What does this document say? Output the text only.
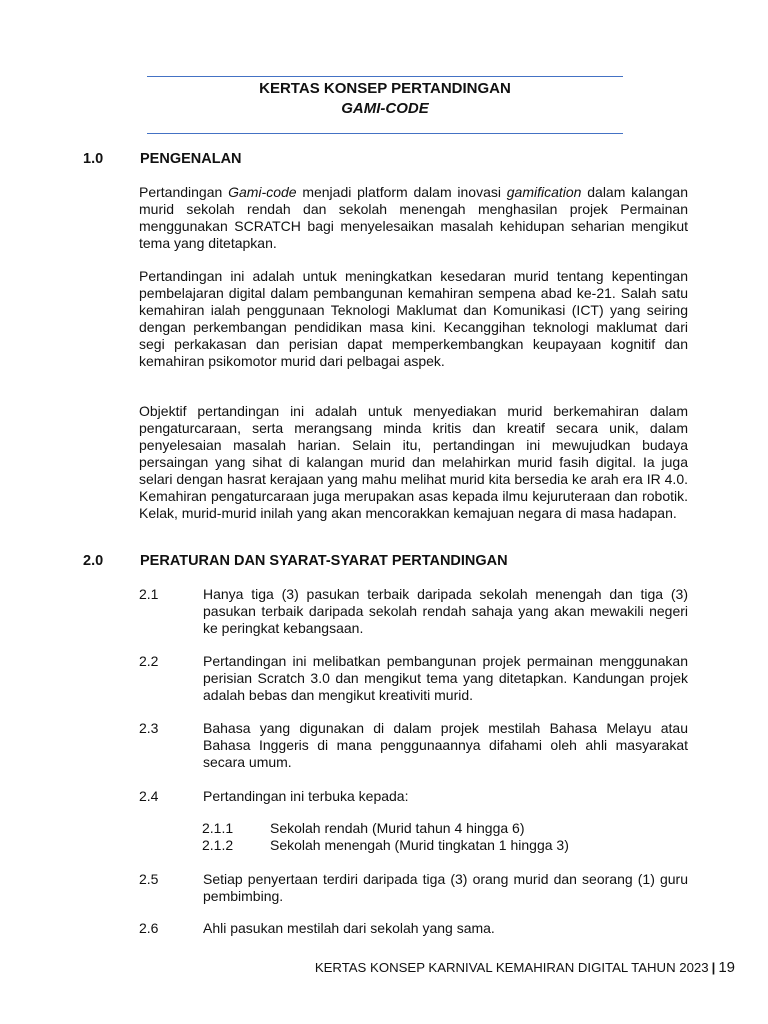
KERTAS KONSEP PERTANDINGAN
GAMI-CODE
1.0	PENGENALAN
Pertandingan Gami-code menjadi platform dalam inovasi gamification dalam kalangan murid sekolah rendah dan sekolah menengah menghasilan projek Permainan menggunakan SCRATCH bagi menyelesaikan masalah kehidupan seharian mengikut tema yang ditetapkan.
Pertandingan ini adalah untuk meningkatkan kesedaran murid tentang kepentingan pembelajaran digital dalam pembangunan kemahiran sempena abad ke-21. Salah satu kemahiran ialah penggunaan Teknologi Maklumat dan Komunikasi (ICT) yang seiring dengan perkembangan pendidikan masa kini. Kecanggihan teknologi maklumat dari segi perkakasan dan perisian dapat memperkembangkan keupayaan kognitif dan kemahiran psikomotor murid dari pelbagai aspek.
Objektif pertandingan ini adalah untuk menyediakan murid berkemahiran dalam pengaturcaraan, serta merangsang minda kritis dan kreatif secara unik, dalam penyelesaian masalah harian. Selain itu, pertandingan ini mewujudkan budaya persaingan yang sihat di kalangan murid dan melahirkan murid fasih digital. Ia juga selari dengan hasrat kerajaan yang mahu melihat murid kita bersedia ke arah era IR 4.0. Kemahiran pengaturcaraan juga merupakan asas kepada ilmu kejuruteraan dan robotik. Kelak, murid-murid inilah yang akan mencorakkan kemajuan negara di masa hadapan.
2.0	PERATURAN DAN SYARAT-SYARAT PERTANDINGAN
2.1	Hanya tiga (3) pasukan terbaik daripada sekolah menengah dan tiga (3) pasukan terbaik daripada sekolah rendah sahaja yang akan mewakili negeri ke peringkat kebangsaan.
2.2	Pertandingan ini melibatkan pembangunan projek permainan menggunakan perisian Scratch 3.0 dan mengikut tema yang ditetapkan. Kandungan projek adalah bebas dan mengikut kreativiti murid.
2.3	Bahasa yang digunakan di dalam projek mestilah Bahasa Melayu atau Bahasa Inggeris di mana penggunaannya difahami oleh ahli masyarakat secara umum.
2.4	Pertandingan ini terbuka kepada:
2.1.1	Sekolah rendah (Murid tahun 4 hingga 6)
2.1.2	Sekolah menengah (Murid tingkatan 1 hingga 3)
2.5	Setiap penyertaan terdiri daripada tiga (3) orang murid dan seorang (1) guru pembimbing.
2.6	Ahli pasukan mestilah dari sekolah yang sama.
KERTAS KONSEP KARNIVAL KEMAHIRAN DIGITAL TAHUN 2023 | 19
